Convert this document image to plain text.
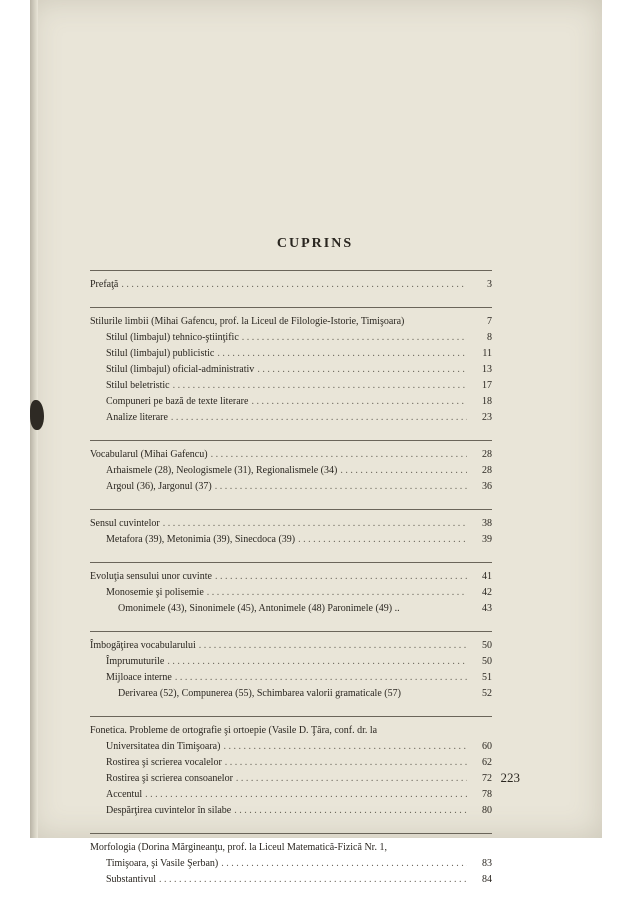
CUPRINS
Prefaţă . . .	3
Stilurile limbii (Mihai Gafencu, prof. la Liceul de Filologie-Istorie, Timişoara)	7
Stilul (limbajul) tehnico-ştiinţific . . .	8
Stilul (limbajul) publicistic . . .	11
Stilul (limbajul) oficial-administrativ . . .	13
Stilul beletristic . . .	17
Compuneri pe bază de texte literare . . .	18
Analize literare . . .	23
Vocabularul (Mihai Gafencu) . . .	28
Arhaismele (28), Neologismele (31), Regionalismele (34) . . .	28
Argoul (36), Jargonul (37) . . .	36
Sensul cuvintelor . . .	38
Metafora (39), Metonimia (39), Sinecdoca (39) . . .	39
Evoluţia sensului unor cuvinte . . .	41
Monosemie şi polisemie . . .	42
Omonimele (43), Sinonimele (45), Antonimele (48) Paronimele (49) ..	43
Îmbogăţirea vocabularului . . .	50
Împrumuturile . . .	50
Mijloace interne . . .	51
Derivarea (52), Compunerea (55), Schimbarea valorii gramaticale (57)	52
Fonetica. Probleme de ortografie şi ortoepie (Vasile D. Ţâra, conf. dr. la
Universitatea din Timişoara) . . .	60
Rostirea şi scrierea vocalelor . . .	62
Rostirea şi scrierea consoanelor . . .	72
Accentul . . .	78
Despărţirea cuvintelor în silabe . . .	80
Morfologia (Dorina Mărgineanţu, prof. la Liceul Matematică-Fizică Nr. 1,
Timişoara, şi Vasile Şerban) . . .	83
Substantivul . . .	84
223
